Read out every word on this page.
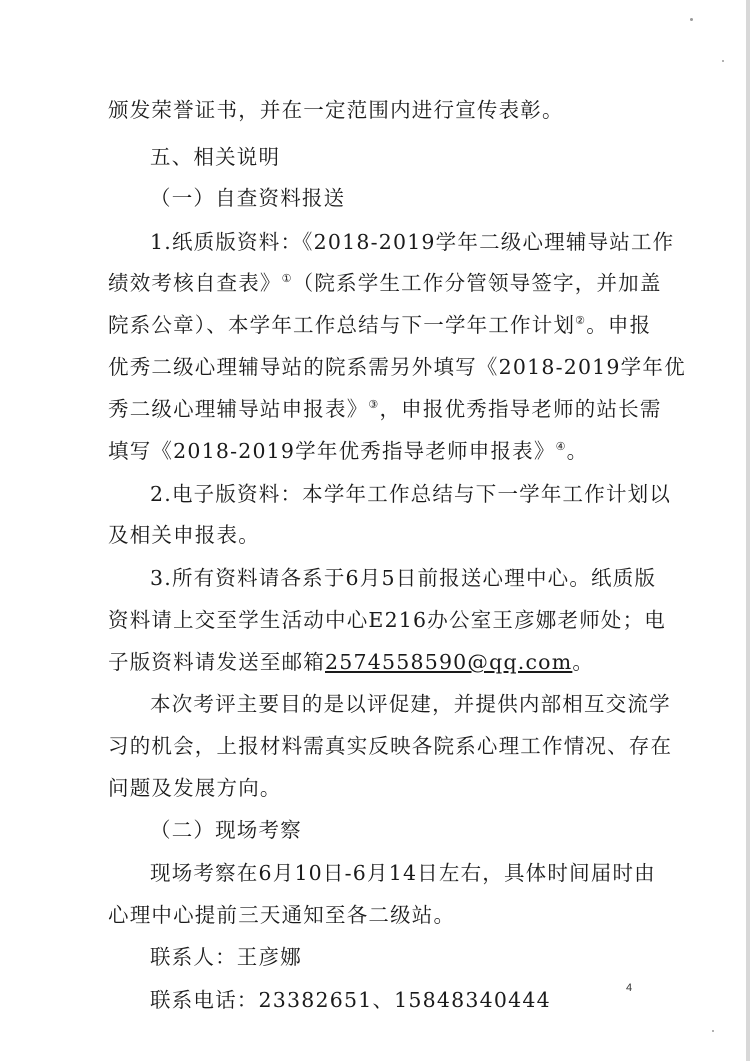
颁发荣誉证书，并在一定范围内进行宣传表彰。
五、相关说明
（一）自查资料报送
1.纸质版资料：《2018-2019学年二级心理辅导站工作
绩效考核自查表》①（院系学生工作分管领导签字，并加盖
院系公章）、本学年工作总结与下一学年工作计划②。申报
优秀二级心理辅导站的院系需另外填写《2018-2019学年优
秀二级心理辅导站申报表》③，申报优秀指导老师的站长需
填写《2018-2019学年优秀指导老师申报表》④。
2.电子版资料：本学年工作总结与下一学年工作计划以
及相关申报表。
3.所有资料请各系于6月5日前报送心理中心。纸质版
资料请上交至学生活动中心E216办公室王彦娜老师处；电
子版资料请发送至邮箱2574558590@qq.com。
本次考评主要目的是以评促建，并提供内部相互交流学
习的机会，上报材料需真实反映各院系心理工作情况、存在
问题及发展方向。
（二）现场考察
现场考察在6月10日-6月14日左右，具体时间届时由
心理中心提前三天通知至各二级站。
联系人：王彦娜
联系电话：23382651、15848340444	4
